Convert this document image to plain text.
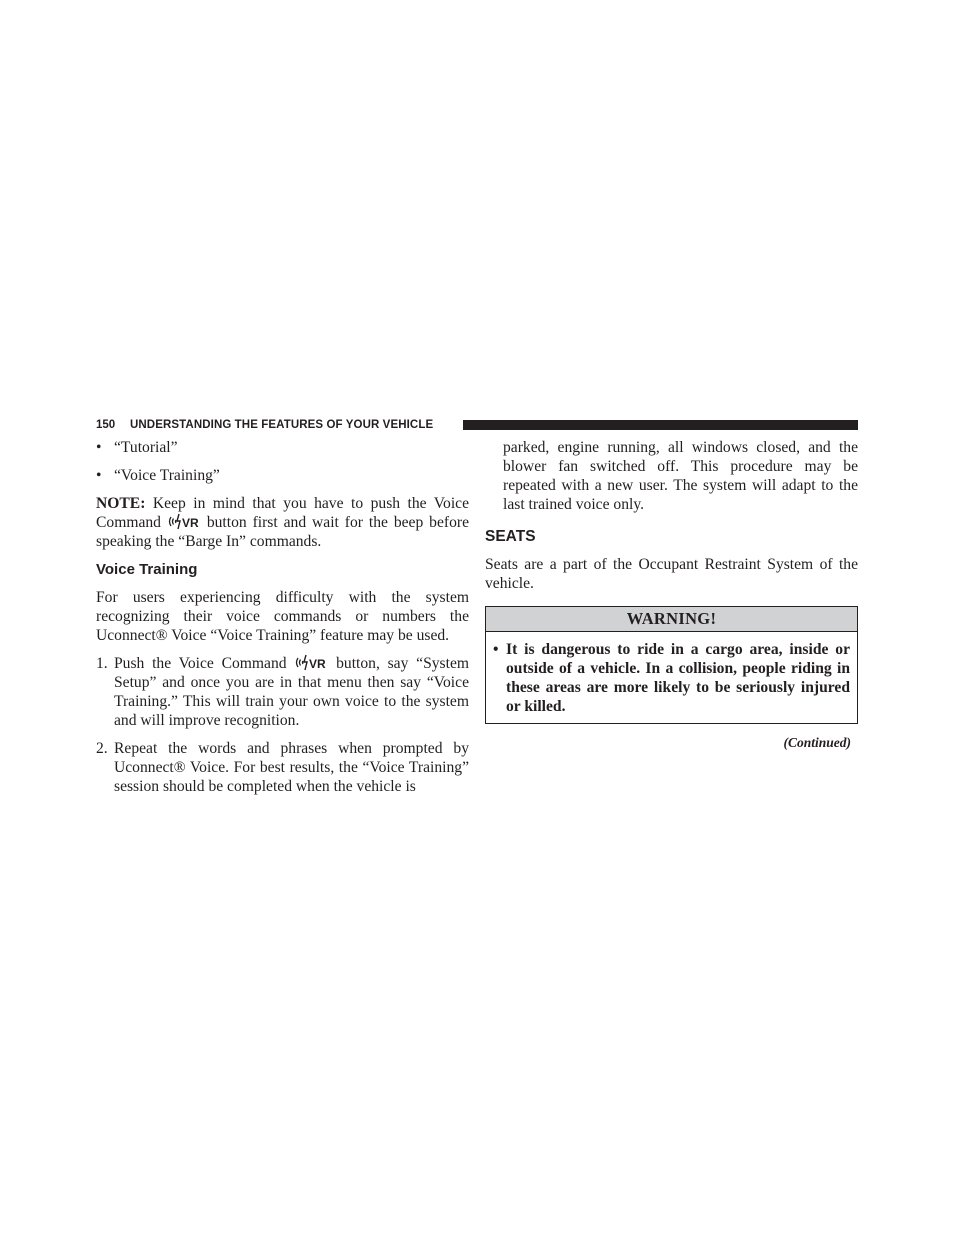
150 UNDERSTANDING THE FEATURES OF YOUR VEHICLE
• “Tutorial”
• “Voice Training”
NOTE: Keep in mind that you have to push the Voice Command VR button first and wait for the beep before speaking the “Barge In” commands.
Voice Training
For users experiencing difficulty with the system recognizing their voice commands or numbers the Uconnect® Voice “Voice Training” feature may be used.
1. Push the Voice Command VR button, say “System Setup” and once you are in that menu then say “Voice Training.” This will train your own voice to the system and will improve recognition.
2. Repeat the words and phrases when prompted by Uconnect® Voice. For best results, the “Voice Training” session should be completed when the vehicle is
parked, engine running, all windows closed, and the blower fan switched off. This procedure may be repeated with a new user. The system will adapt to the last trained voice only.
SEATS
Seats are a part of the Occupant Restraint System of the vehicle.
WARNING!
• It is dangerous to ride in a cargo area, inside or outside of a vehicle. In a collision, people riding in these areas are more likely to be seriously injured or killed.
(Continued)
